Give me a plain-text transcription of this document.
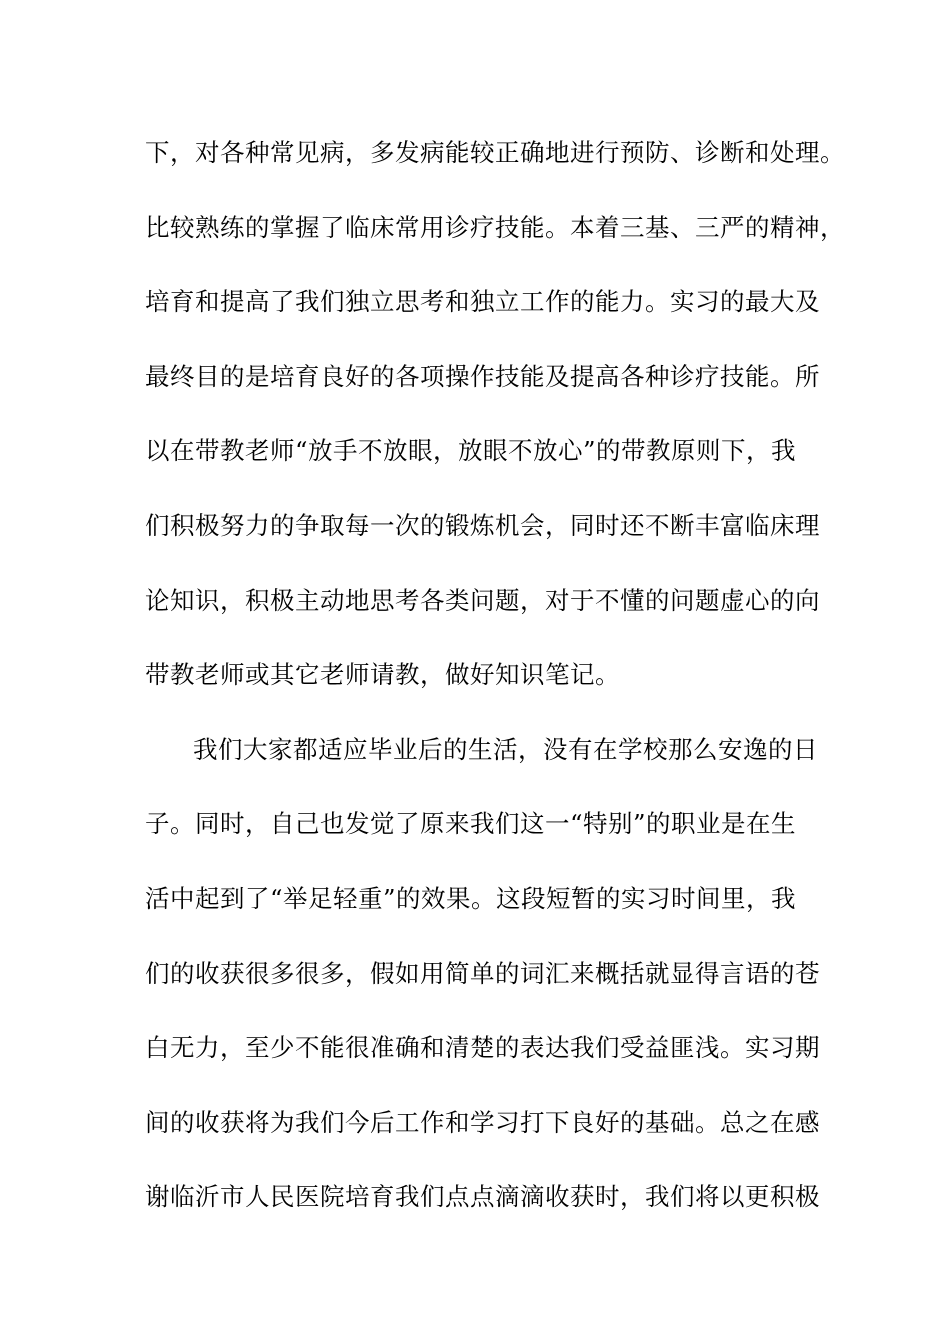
下，对各种常见病，多发病能较正确地进行预防、诊断和处理。
比较熟练的掌握了临床常用诊疗技能。本着三基、三严的精神，
培育和提高了我们独立思考和独立工作的能力。实习的最大及
最终目的是培育良好的各项操作技能及提高各种诊疗技能。所
以在带教老师“放手不放眼，放眼不放心”的带教原则下，我
们积极努力的争取每一次的锻炼机会，同时还不断丰富临床理
论知识，积极主动地思考各类问题，对于不懂的问题虚心的向
带教老师或其它老师请教，做好知识笔记。
我们大家都适应毕业后的生活，没有在学校那么安逸的日
子。同时，自己也发觉了原来我们这一“特别”的职业是在生
活中起到了“举足轻重”的效果。这段短暂的实习时间里，我
们的收获很多很多，假如用简单的词汇来概括就显得言语的苍
白无力，至少不能很准确和清楚的表达我们受益匪浅。实习期
间的收获将为我们今后工作和学习打下良好的基础。总之在感
谢临沂市人民医院培育我们点点滴滴收获时，我们将以更积极
